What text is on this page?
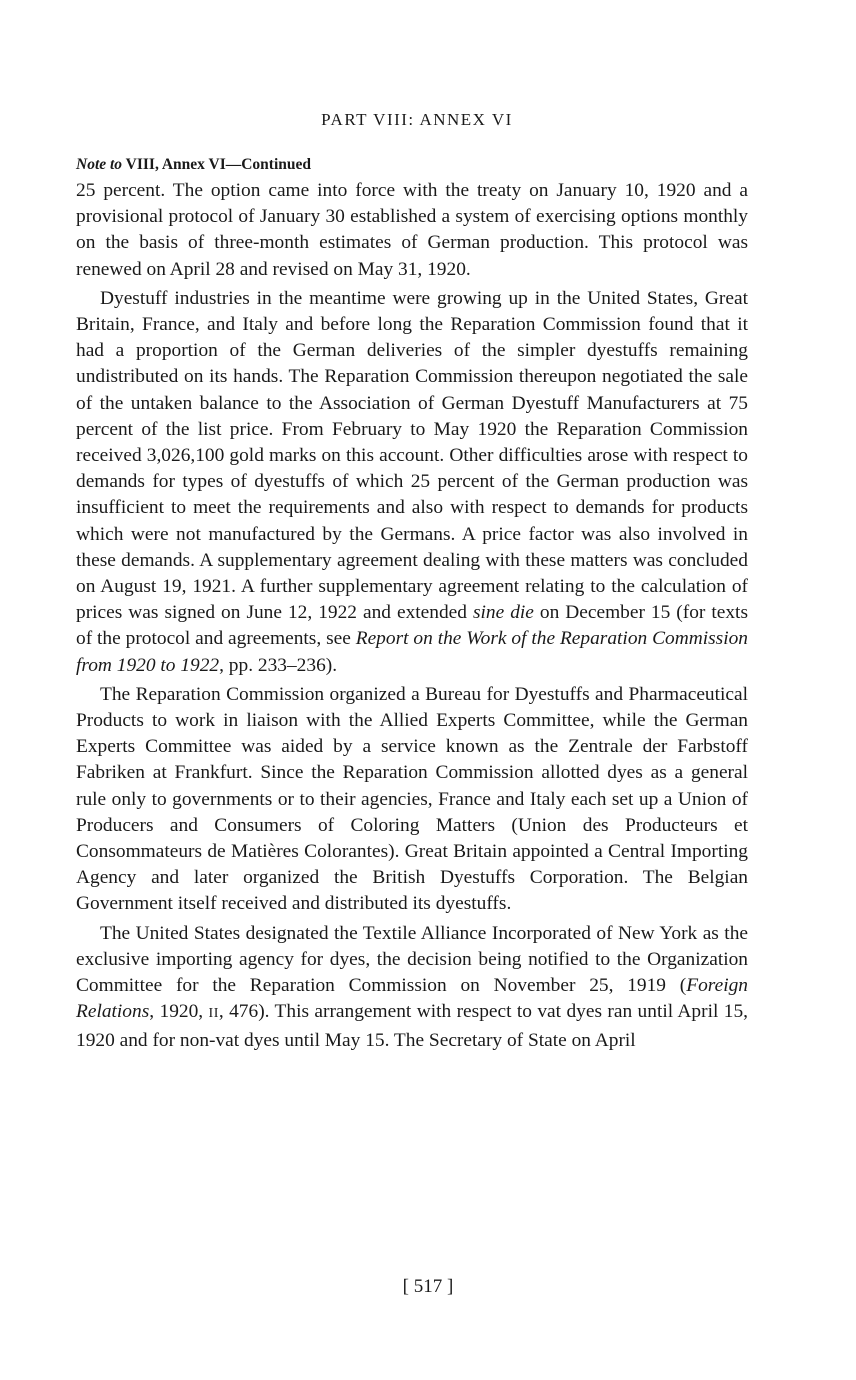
PART VIII: ANNEX VI
Note to VIII, Annex VI—Continued

25 percent. The option came into force with the treaty on January 10, 1920 and a provisional protocol of January 30 established a system of exercising options monthly on the basis of three-month estimates of German production. This protocol was renewed on April 28 and revised on May 31, 1920.

Dyestuff industries in the meantime were growing up in the United States, Great Britain, France, and Italy and before long the Reparation Commission found that it had a proportion of the German deliveries of the simpler dyestuffs remaining undistributed on its hands. The Reparation Commission thereupon negotiated the sale of the untaken balance to the Association of German Dyestuff Manufacturers at 75 percent of the list price. From February to May 1920 the Reparation Commission received 3,026,100 gold marks on this account. Other difficulties arose with respect to demands for types of dyestuffs of which 25 percent of the German production was insufficient to meet the requirements and also with respect to demands for products which were not manufactured by the Germans. A price factor was also involved in these demands. A supplementary agreement dealing with these matters was concluded on August 19, 1921. A further supplementary agreement relating to the calculation of prices was signed on June 12, 1922 and extended sine die on December 15 (for texts of the protocol and agreements, see Report on the Work of the Reparation Commission from 1920 to 1922, pp. 233–236).

The Reparation Commission organized a Bureau for Dyestuffs and Pharmaceutical Products to work in liaison with the Allied Experts Committee, while the German Experts Committee was aided by a service known as the Zentrale der Farbstoff Fabriken at Frankfurt. Since the Reparation Commission allotted dyes as a general rule only to governments or to their agencies, France and Italy each set up a Union of Producers and Consumers of Coloring Matters (Union des Producteurs et Consommateurs de Matières Colorantes). Great Britain appointed a Central Importing Agency and later organized the British Dyestuffs Corporation. The Belgian Government itself received and distributed its dyestuffs.

The United States designated the Textile Alliance Incorporated of New York as the exclusive importing agency for dyes, the decision being notified to the Organization Committee for the Reparation Commission on November 25, 1919 (Foreign Relations, 1920, II, 476). This arrangement with respect to vat dyes ran until April 15, 1920 and for non-vat dyes until May 15. The Secretary of State on April

[ 517 ]
